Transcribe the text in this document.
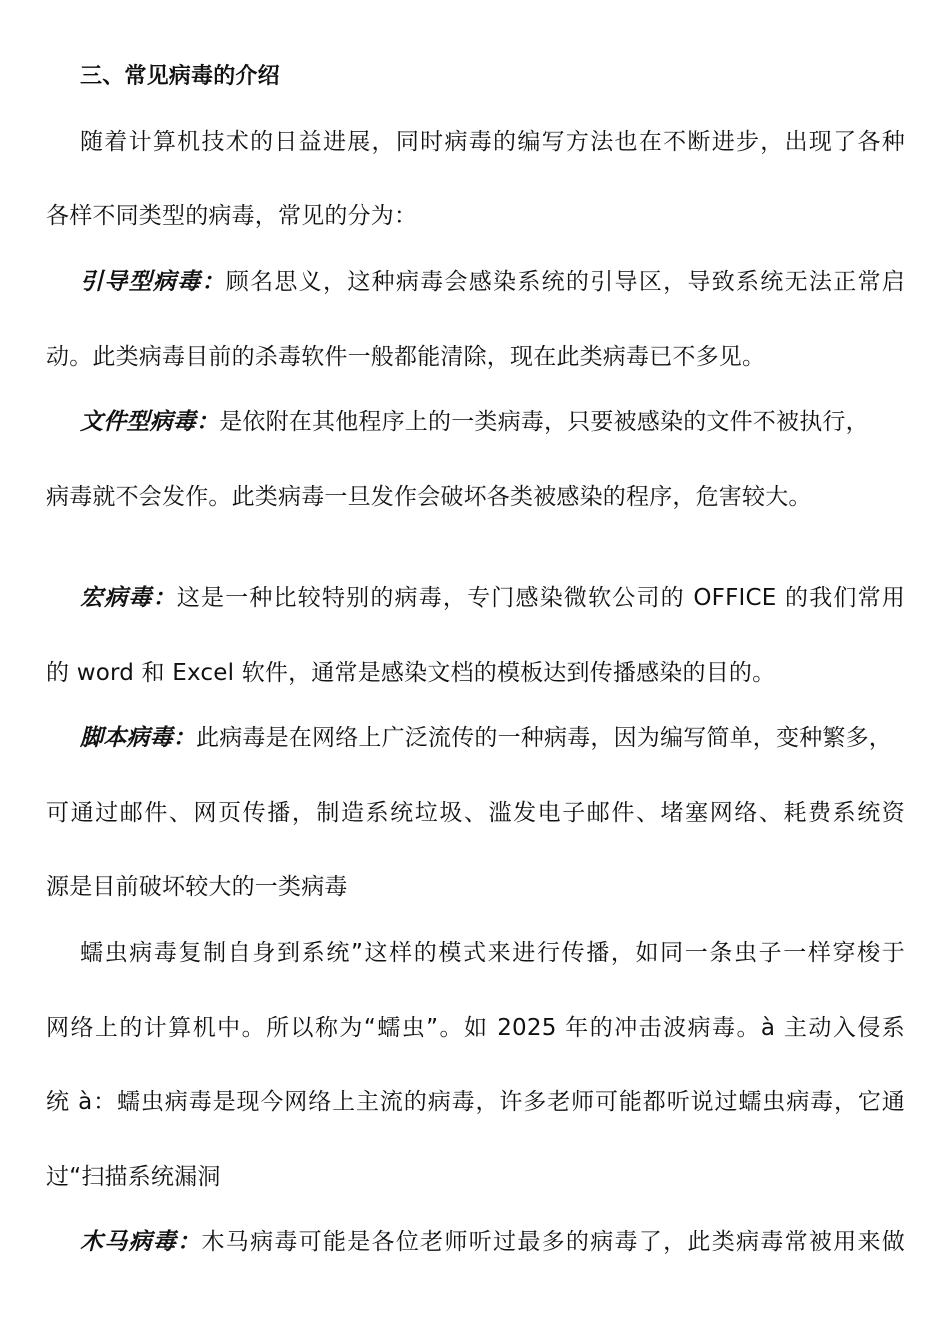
三、常见病毒的介绍
随着计算机技术的日益进展，同时病毒的编写方法也在不断进步，出现了各种
各样不同类型的病毒，常见的分为：
引导型病毒：顾名思义，这种病毒会感染系统的引导区，导致系统无法正常启
动。此类病毒目前的杀毒软件一般都能清除，现在此类病毒已不多见。
文件型病毒：是依附在其他程序上的一类病毒，只要被感染的文件不被执行，
病毒就不会发作。此类病毒一旦发作会破坏各类被感染的程序，危害较大。
宏病毒：这是一种比较特别的病毒，专门感染微软公司的 OFFICE 的我们常用
的 word 和 Excel 软件，通常是感染文档的模板达到传播感染的目的。
脚本病毒：此病毒是在网络上广泛流传的一种病毒，因为编写简单，变种繁多，
可通过邮件、网页传播，制造系统垃圾、滥发电子邮件、堵塞网络、耗费系统资
源是目前破坏较大的一类病毒
蠕虫病毒复制自身到系统”这样的模式来进行传播，如同一条虫子一样穿梭于
网络上的计算机中。所以称为“蠕虫”。如 2025 年的冲击波病毒。à 主动入侵系
统 à：蠕虫病毒是现今网络上主流的病毒，许多老师可能都听说过蠕虫病毒，它通
过“扫描系统漏洞
木马病毒：木马病毒可能是各位老师听过最多的病毒了，此类病毒常被用来做
